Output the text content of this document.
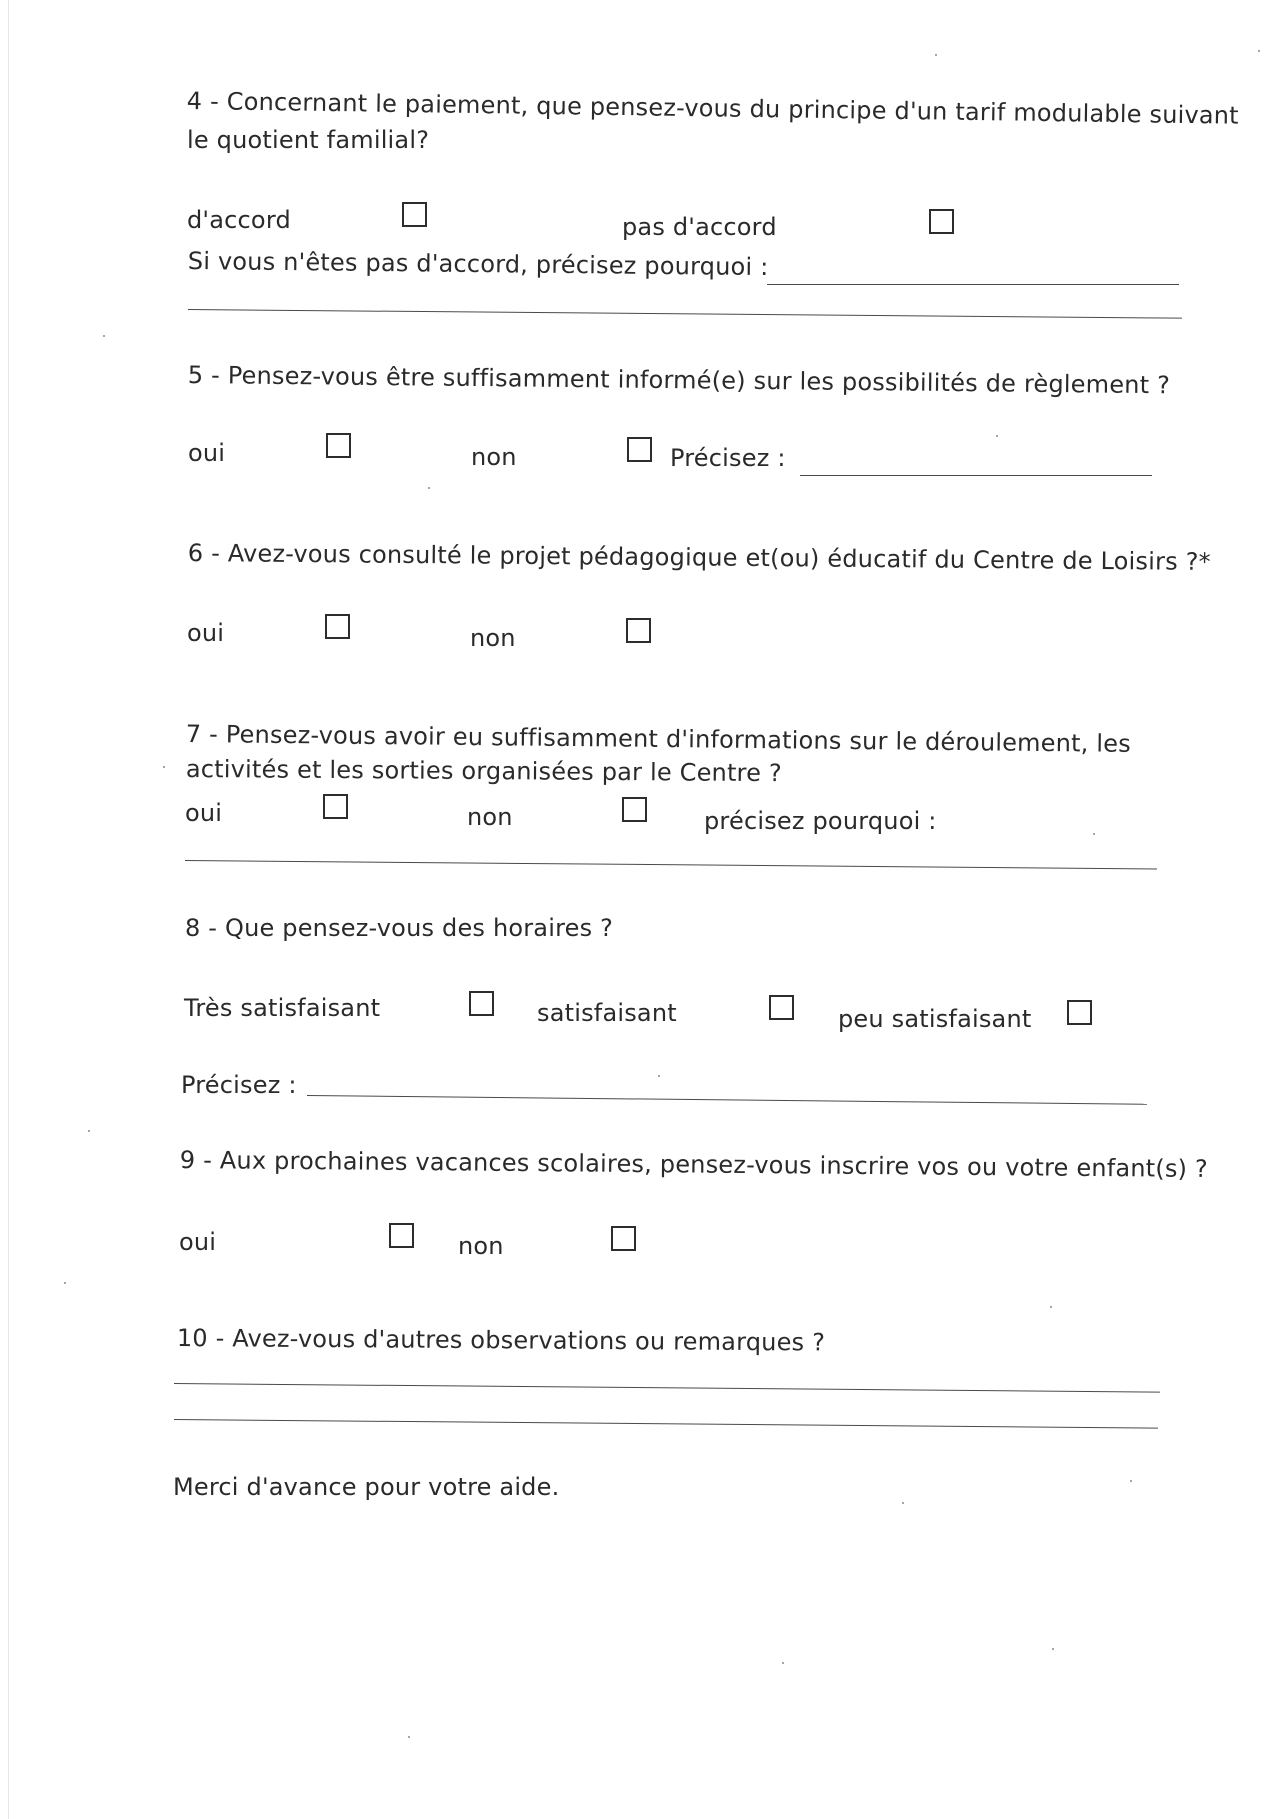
4 - Concernant le paiement, que pensez-vous du principe d'un tarif modulable suivant
le quotient familial?
d'accord	pas d'accord
Si vous n'êtes pas d'accord, précisez pourquoi :
5 - Pensez-vous être suffisamment informé(e) sur les possibilités de règlement ?
oui	non	Précisez :
6 - Avez-vous consulté le projet pédagogique et(ou) éducatif du Centre de Loisirs ?*
oui	non
7 - Pensez-vous avoir eu suffisamment d'informations sur le déroulement, les
activités et les sorties organisées par le Centre ?
oui	non	précisez pourquoi :
8 - Que pensez-vous des horaires ?
Très satisfaisant	satisfaisant	peu satisfaisant
Précisez :
9 - Aux prochaines vacances scolaires, pensez-vous inscrire vos ou votre enfant(s) ?
oui	non
10 - Avez-vous d'autres observations ou remarques ?
Merci d'avance pour votre aide.
